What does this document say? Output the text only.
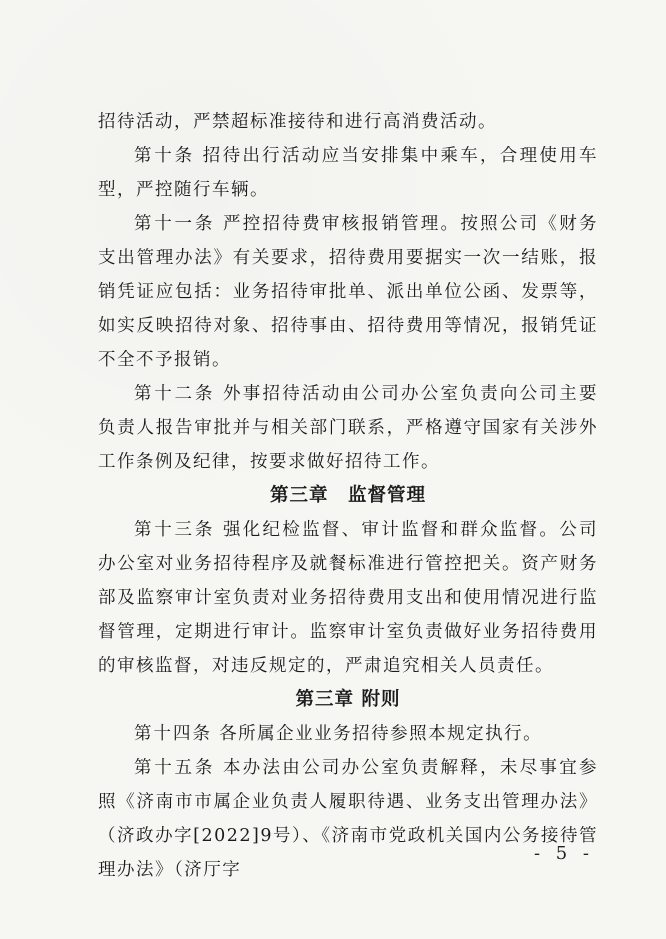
招待活动，严禁超标准接待和进行高消费活动。

第十条 招待出行活动应当安排集中乘车，合理使用车型，严控随行车辆。

第十一条 严控招待费审核报销管理。按照公司《财务支出管理办法》有关要求，招待费用要据实一次一结账，报销凭证应包括：业务招待审批单、派出单位公函、发票等，如实反映招待对象、招待事由、招待费用等情况，报销凭证不全不予报销。

第十二条 外事招待活动由公司办公室负责向公司主要负责人报告审批并与相关部门联系，严格遵守国家有关涉外工作条例及纪律，按要求做好招待工作。

第三章　监督管理

第十三条 强化纪检监督、审计监督和群众监督。公司办公室对业务招待程序及就餐标准进行管控把关。资产财务部及监察审计室负责对业务招待费用支出和使用情况进行监督管理，定期进行审计。监察审计室负责做好业务招待费用的审核监督，对违反规定的，严肃追究相关人员责任。

第三章 附则

第十四条 各所属企业业务招待参照本规定执行。

第十五条 本办法由公司办公室负责解释，未尽事宜参照《济南市市属企业负责人履职待遇、业务支出管理办法》（济政办字[2022]9号）、《济南市党政机关国内公务接待管理办法》（济厅字

- 5 -
